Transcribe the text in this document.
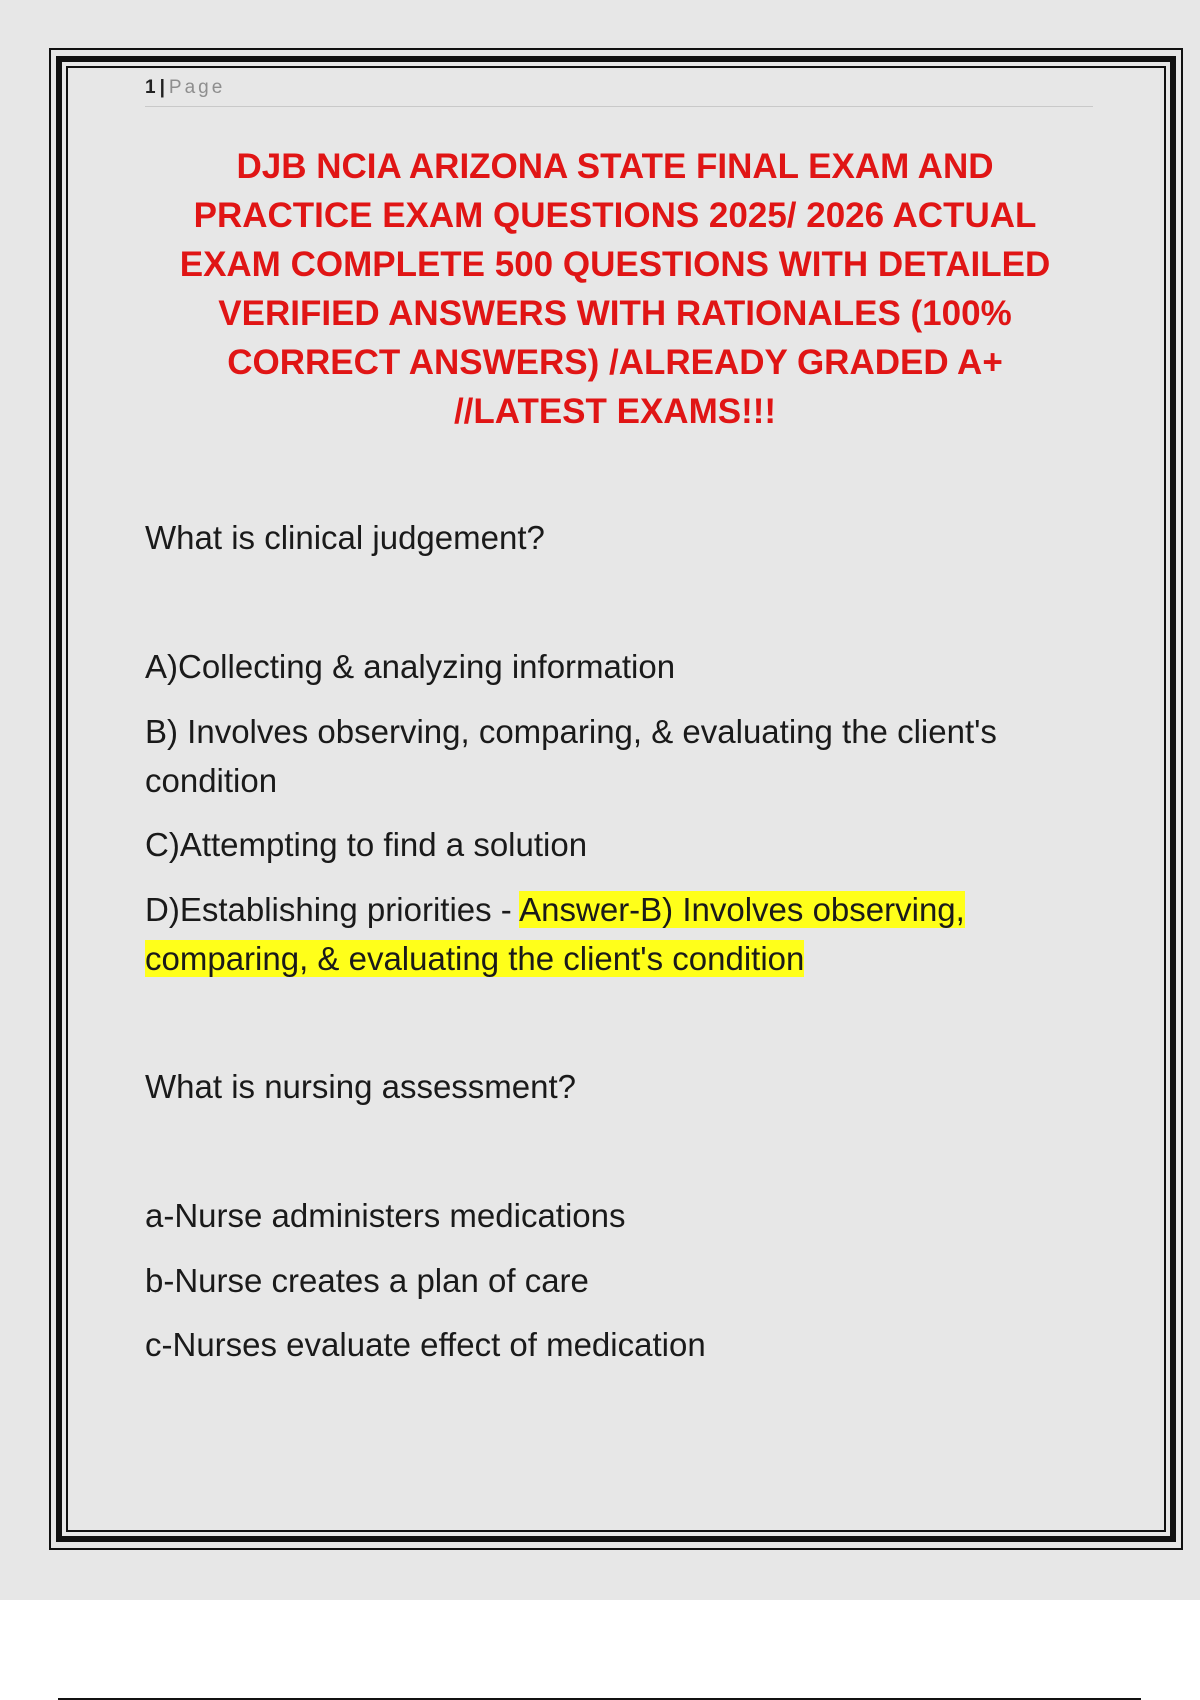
1 | Page
DJB NCIA ARIZONA STATE FINAL EXAM AND PRACTICE EXAM QUESTIONS 2025/ 2026 ACTUAL EXAM COMPLETE 500 QUESTIONS WITH DETAILED VERIFIED ANSWERS WITH RATIONALES (100% CORRECT ANSWERS) /ALREADY GRADED A+ //LATEST EXAMS!!!

What is clinical judgement?

A)Collecting & analyzing information

B) Involves observing, comparing, & evaluating the client's condition

C)Attempting to find a solution

D)Establishing priorities - Answer-B) Involves observing, comparing, & evaluating the client's condition

What is nursing assessment?

a-Nurse administers medications

b-Nurse creates a plan of care

c-Nurses evaluate effect of medication
